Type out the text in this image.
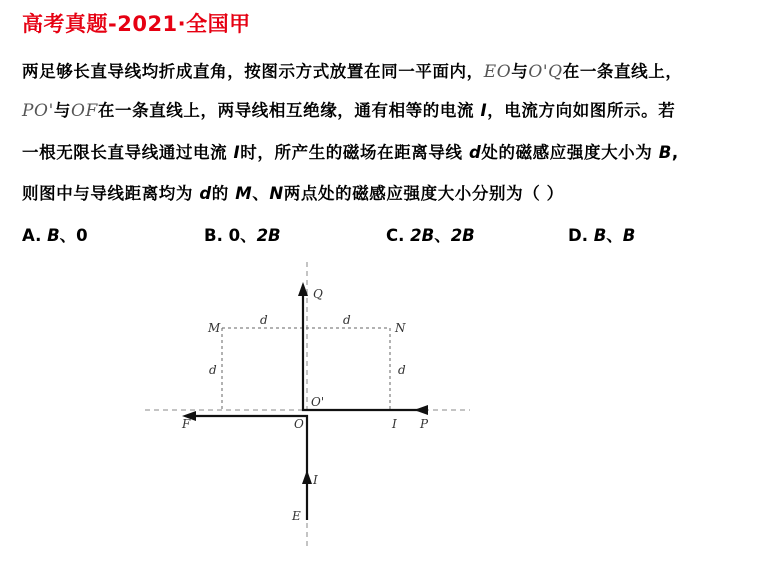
高考真题-2021·全国甲
两足够长直导线均折成直角，按图示方式放置在同一平面内，EO与O'Q在一条直线上，
PO'与OF在一条直线上，两导线相互绝缘，通有相等的电流 I，电流方向如图所示。若
一根无限长直导线通过电流 I时，所产生的磁场在距离导线 d处的磁感应强度大小为 B,
则图中与导线距离均为 d的 M、N两点处的磁感应强度大小分别为（ ）
A. B、0	B. 0、2B	C. 2B、2B	D. B、B
Q
M	N
d	d
d	d
O'
O
F	I P
I
E
